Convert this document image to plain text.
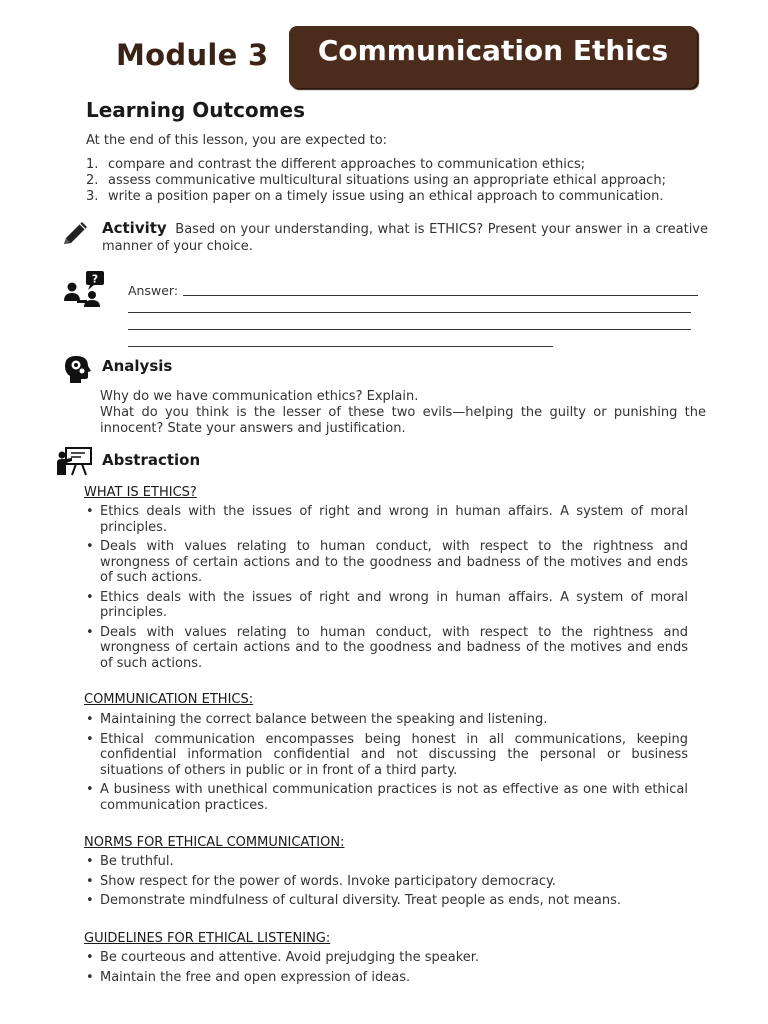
Module 3	Communication Ethics
Learning Outcomes
At the end of this lesson, you are expected to:
1. compare and contrast the different approaches to communication ethics;
2. assess communicative multicultural situations using an appropriate ethical approach;
3. write a position paper on a timely issue using an ethical approach to communication.
Activity Based on your understanding, what is ETHICS? Present your answer in a creative manner of your choice.
?
Answer:
Analysis
Why do we have communication ethics? Explain.
What do you think is the lesser of these two evils—helping the guilty or punishing the innocent? State your answers and justification.
Abstraction
WHAT IS ETHICS?
• Ethics deals with the issues of right and wrong in human affairs. A system of moral principles.
• Deals with values relating to human conduct, with respect to the rightness and wrongness of certain actions and to the goodness and badness of the motives and ends of such actions.
• Ethics deals with the issues of right and wrong in human affairs. A system of moral principles.
• Deals with values relating to human conduct, with respect to the rightness and wrongness of certain actions and to the goodness and badness of the motives and ends of such actions.
COMMUNICATION ETHICS:
• Maintaining the correct balance between the speaking and listening.
• Ethical communication encompasses being honest in all communications, keeping confidential information confidential and not discussing the personal or business situations of others in public or in front of a third party.
• A business with unethical communication practices is not as effective as one with ethical communication practices.
NORMS FOR ETHICAL COMMUNICATION:
• Be truthful.
• Show respect for the power of words. Invoke participatory democracy.
• Demonstrate mindfulness of cultural diversity. Treat people as ends, not means.
GUIDELINES FOR ETHICAL LISTENING:
• Be courteous and attentive. Avoid prejudging the speaker.
• Maintain the free and open expression of ideas.
